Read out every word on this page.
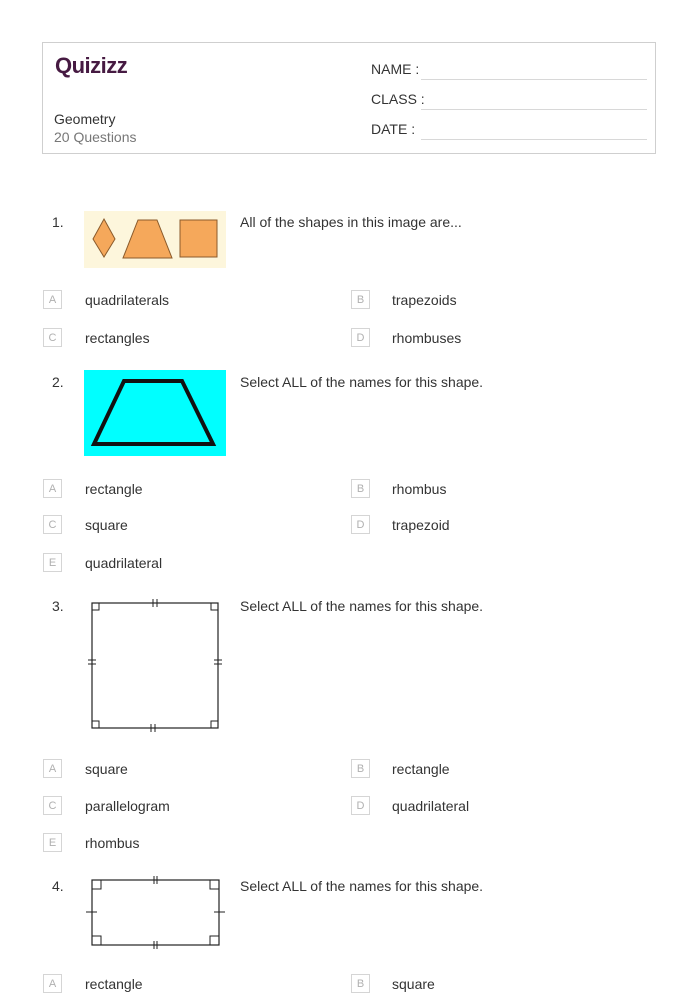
Quizizz
Geometry
20 Questions
NAME :
CLASS :
DATE :
1.	All of the shapes in this image are...
A	quadrilaterals	B	trapezoids
C	rectangles	D	rhombuses
2.	Select ALL of the names for this shape.
A	rectangle	B	rhombus
C	square	D	trapezoid
E	quadrilateral
3.	Select ALL of the names for this shape.
A	square	B	rectangle
C	parallelogram	D	quadrilateral
E	rhombus
4.	Select ALL of the names for this shape.
A	rectangle	B	square
